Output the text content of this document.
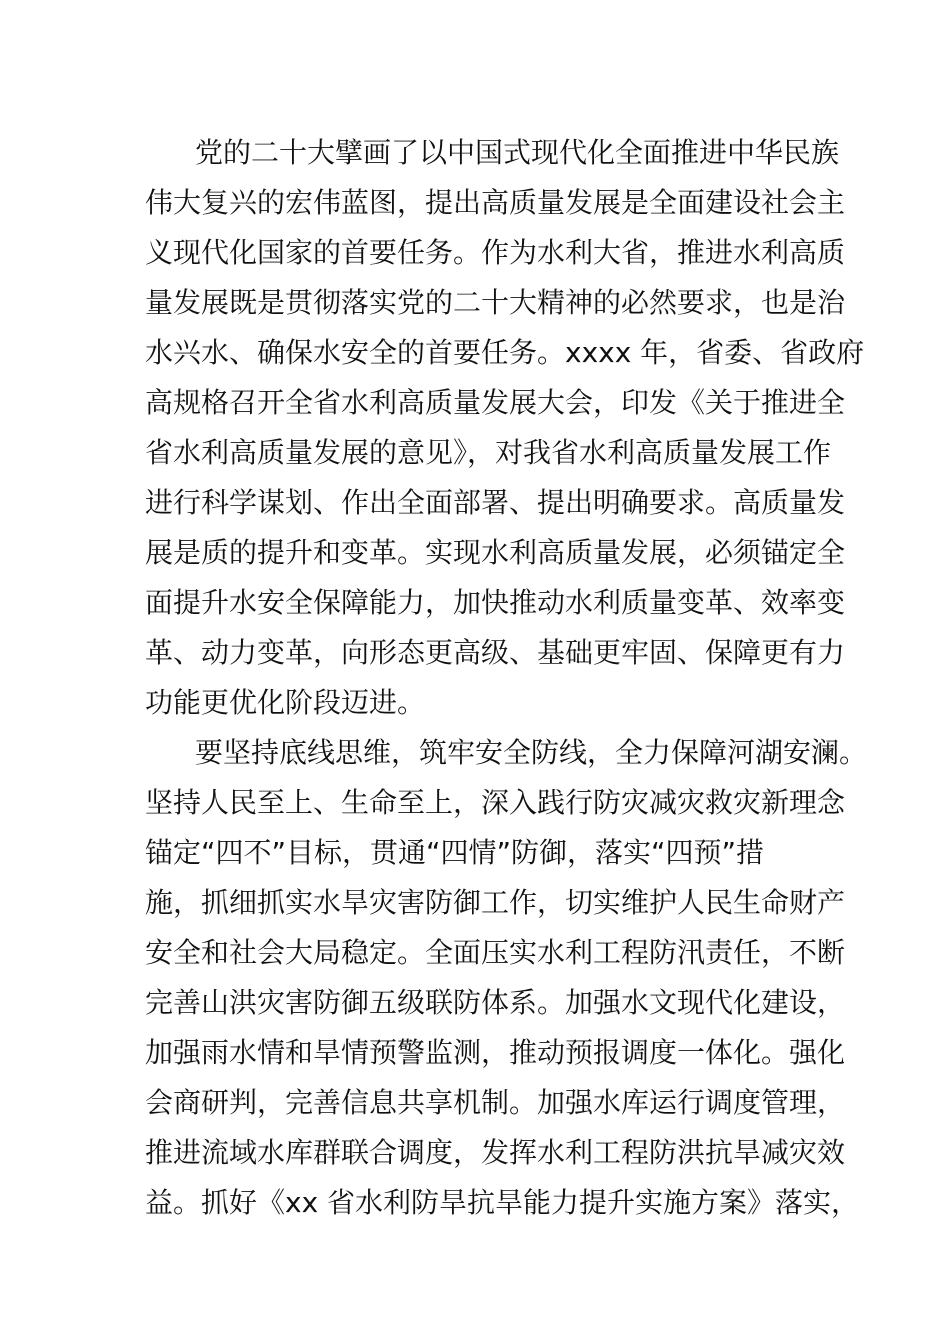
党的二十大擘画了以中国式现代化全面推进中华民族
伟大复兴的宏伟蓝图，提出高质量发展是全面建设社会主
义现代化国家的首要任务。作为水利大省，推进水利高质
量发展既是贯彻落实党的二十大精神的必然要求，也是治
水兴水、确保水安全的首要任务。xxxx 年，省委、省政府
高规格召开全省水利高质量发展大会，印发《关于推进全
省水利高质量发展的意见》，对我省水利高质量发展工作
进行科学谋划、作出全面部署、提出明确要求。高质量发
展是质的提升和变革。实现水利高质量发展，必须锚定全
面提升水安全保障能力，加快推动水利质量变革、效率变
革、动力变革，向形态更高级、基础更牢固、保障更有力
功能更优化阶段迈进。
要坚持底线思维，筑牢安全防线，全力保障河湖安澜。
坚持人民至上、生命至上，深入践行防灾减灾救灾新理念
锚定“四不”目标，贯通“四情”防御，落实“四预”措
施，抓细抓实水旱灾害防御工作，切实维护人民生命财产
安全和社会大局稳定。全面压实水利工程防汛责任，不断
完善山洪灾害防御五级联防体系。加强水文现代化建设，
加强雨水情和旱情预警监测，推动预报调度一体化。强化
会商研判，完善信息共享机制。加强水库运行调度管理，
推进流域水库群联合调度，发挥水利工程防洪抗旱减灾效
益。抓好《xx 省水利防旱抗旱能力提升实施方案》落实，
